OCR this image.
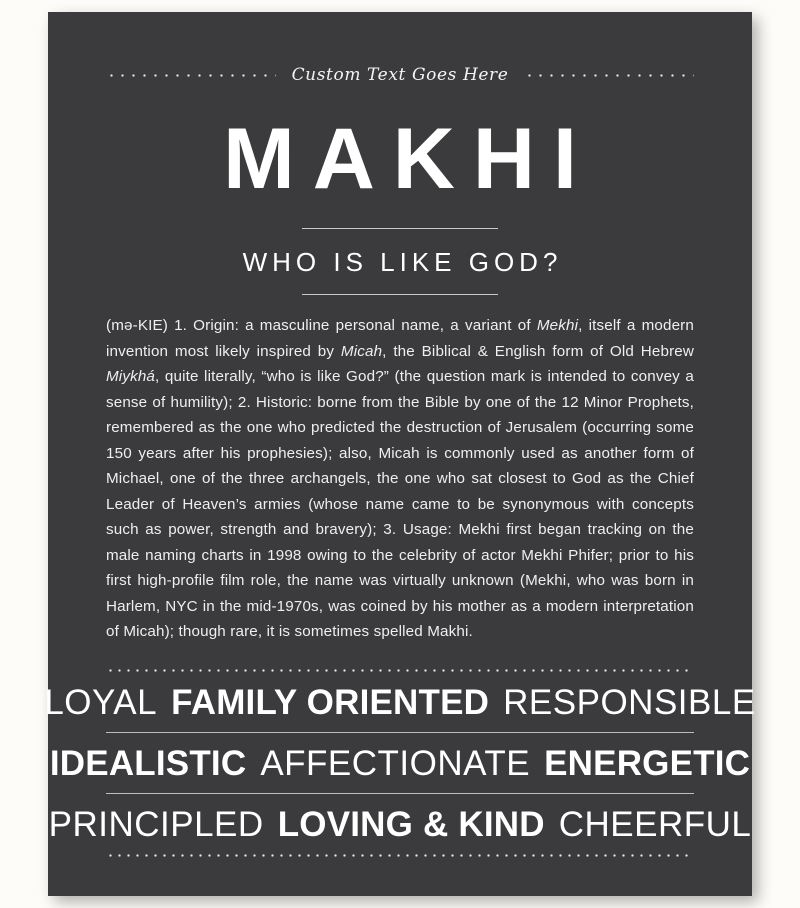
Custom Text Goes Here
MAKHI
WHO IS LIKE GOD?
(mə-KIE) 1. Origin: a masculine personal name, a variant of Mekhi, itself a modern invention most likely inspired by Micah, the Biblical & English form of Old Hebrew Miykhá, quite literally, “who is like God?” (the question mark is intended to convey a sense of humility); 2. Historic: borne from the Bible by one of the 12 Minor Prophets, remembered as the one who predicted the destruction of Jerusalem (occurring some 150 years after his prophesies); also, Micah is commonly used as another form of Michael, one of the three archangels, the one who sat closest to God as the Chief Leader of Heaven’s armies (whose name came to be synonymous with concepts such as power, strength and bravery); 3. Usage: Mekhi first began tracking on the male naming charts in 1998 owing to the celebrity of actor Mekhi Phifer; prior to his first high-profile film role, the name was virtually unknown (Mekhi, who was born in Harlem, NYC in the mid-1970s, was coined by his mother as a modern interpretation of Micah); though rare, it is sometimes spelled Makhi.
LOYAL FAMILY ORIENTED RESPONSIBLE
IDEALISTIC AFFECTIONATE ENERGETIC
PRINCIPLED LOVING & KIND CHEERFUL
